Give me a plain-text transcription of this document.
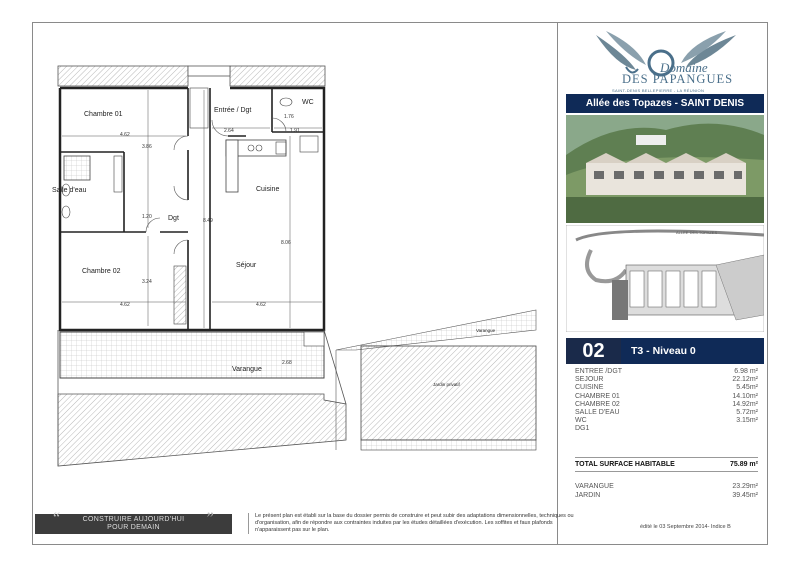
Chambre 01
Entrée / Dgt
WC
Salle d'eau
Dgt
Cuisine
Chambre 02
Séjour
Varangue
Varangue
Jardin privatif
4.62
2.64
1.76
1.91
3.86
1.20
8.49
8.06
3.24
4.62	4.62
2.68
Domaine
DES PAPANGUES
SAINT-DENIS BELLEPIERRE - LA RÉUNION
Allée des Topazes - SAINT DENIS
ALLEE DES TOPAZES
02	T3 - Niveau 0
ENTREE /DGT	6.98 m²
SEJOUR	22.12m²
CUISINE	5.45m²
CHAMBRE 01	14.10m²
CHAMBRE 02	14.92m²
SALLE D'EAU	5.72m²
WC	3.15m²
DG1
TOTAL SURFACE HABITABLE	75.89 m²
VARANGUE	23.29m²
JARDIN	39.45m²
édité le 03 Septembre 2014- Indice B
“	CONSTRUIRE AUJOURD'HUI
POUR DEMAIN
”	Le présent plan est établi sur la base du dossier permis de construire et peut subir des adaptations dimensionnelles, techniques ou d'organisation, afin de répondre aux contraintes induites par les études détaillées d'exécution. Les soffites et faux plafonds n'apparaissent pas sur le plan.
